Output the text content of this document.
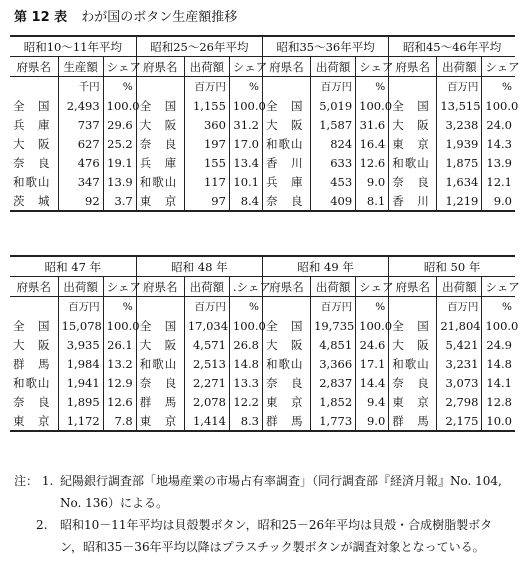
第 12 表 わが国のボタン生産額推移
昭和10～11年平均			昭和25～26年平均			昭和35～36年平均			昭和45～46年平均		
府県名	生産額	シェア	府県名	出荷額	シェア	府県名	出荷額	シェア	府県名	出荷額	シェア
	千円	%		百万円	%		百万円	%		百万円	%
全　国	2,493	100.0	全　国	1,155	100.0	全　国	5,019	100.0	全　国	13,515	100.0
兵　庫	737	29.6	大　阪	360	31.2	大　阪	1,587	31.6	大　阪	3,238	24.0
大　阪	627	25.2	奈　良	197	17.0	和歌山	824	16.4	東　京	1,939	14.3
奈　良	476	19.1	兵　庫	155	13.4	香　川	633	12.6	和歌山	1,875	13.9
和歌山	347	13.9	和歌山	117	10.1	兵　庫	453	9.0	奈　良	1,634	12.1
茨　城	92	3.7	東　京	97	8.4	奈　良	409	8.1	香　川	1,219	9.0
昭和 47 年			昭和 48 年			昭和 49 年			昭和 50 年		
府県名	出荷額	シェア	府県名	出荷額	.シェア	府県名	出荷額	シェア	府県名	出荷額	シェア
	百万円	%		百万円	%		百万円	%		百万円	%
全　国	15,078	100.0	全　国	17,034	100.0	全　国	19,735	100.0	全　国	21,804	100.0
大　阪	3,935	26.1	大　阪	4,571	26.8	大　阪	4,851	24.6	大　阪	5,421	24.9
群　馬	1,984	13.2	和歌山	2,513	14.8	和歌山	3,366	17.1	和歌山	3,231	14.8
和歌山	1,941	12.9	奈　良	2,271	13.3	奈　良	2,837	14.4	奈　良	3,073	14.1
奈　良	1,895	12.6	群　馬	2,078	12.2	東　京	1,852	9.4	東　京	2,798	12.8
東　京	1,172	7.8	東　京	1,414	8.3	群　馬	1,773	9.0	群　馬	2,175	10.0
注： 1. 紀陽銀行調査部「地場産業の市場占有率調査」（同行調査部『経済月報』No. 104, No. 136）による。
2. 昭和10－11年平均は貝殻製ボタン，昭和25－26年平均は貝殻・合成樹脂製ボタン，昭和35－36年平均以降はプラスチック製ボタンが調査対象となっている。
